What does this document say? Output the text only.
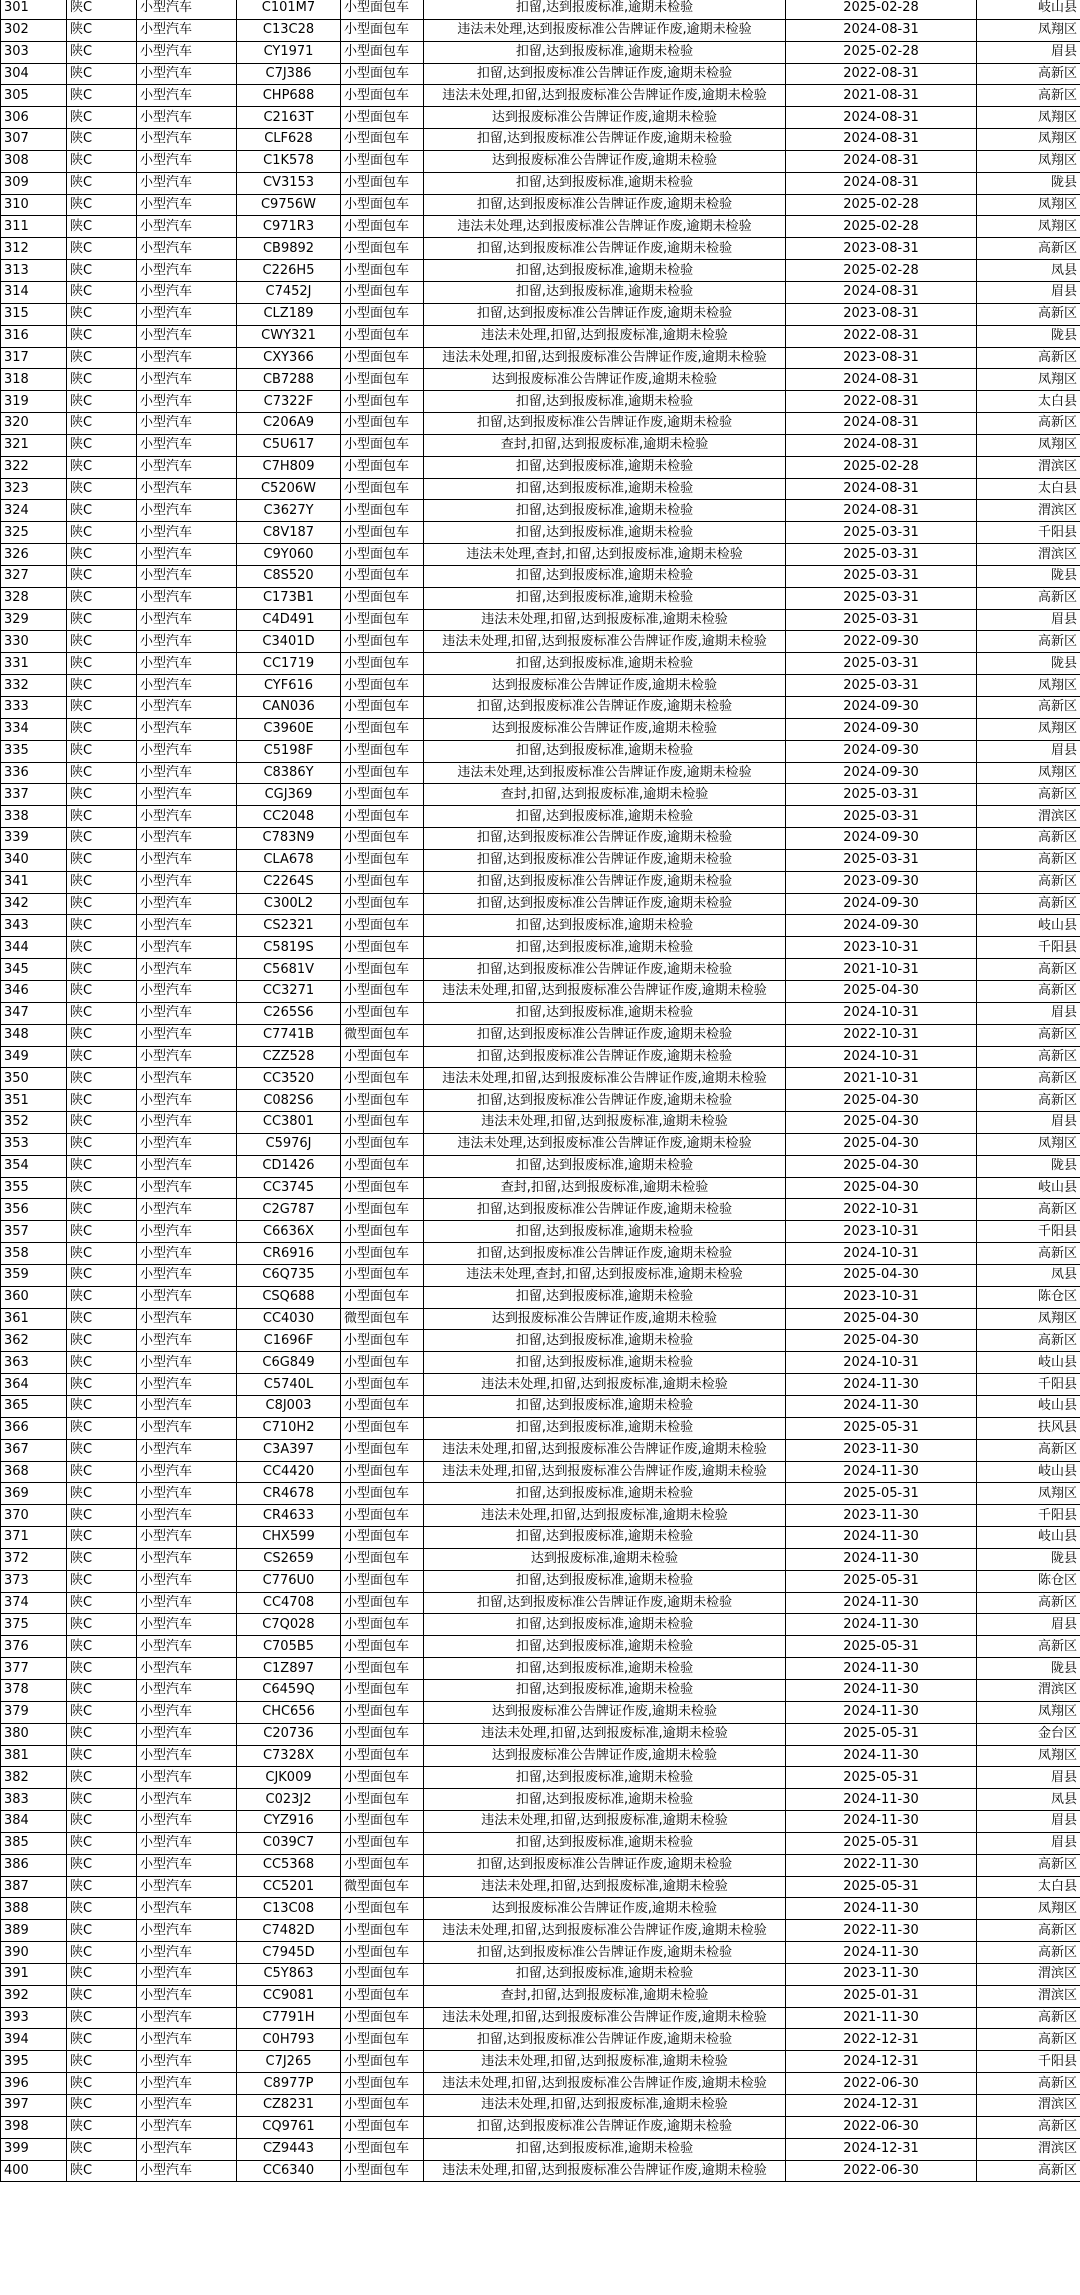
301	陕C	小型汽车	C101M7	小型面包车	扣留,达到报废标准,逾期未检验	2025-02-28	岐山县
302	陕C	小型汽车	C13C28	小型面包车	违法未处理,达到报废标准公告牌证作废,逾期未检验	2024-08-31	凤翔区
303	陕C	小型汽车	CY1971	小型面包车	扣留,达到报废标准,逾期未检验	2025-02-28	眉县
304	陕C	小型汽车	C7J386	小型面包车	扣留,达到报废标准公告牌证作废,逾期未检验	2022-08-31	高新区
305	陕C	小型汽车	CHP688	小型面包车	违法未处理,扣留,达到报废标准公告牌证作废,逾期未检验	2021-08-31	高新区
306	陕C	小型汽车	C2163T	小型面包车	达到报废标准公告牌证作废,逾期未检验	2024-08-31	凤翔区
307	陕C	小型汽车	CLF628	小型面包车	扣留,达到报废标准公告牌证作废,逾期未检验	2024-08-31	凤翔区
308	陕C	小型汽车	C1K578	小型面包车	达到报废标准公告牌证作废,逾期未检验	2024-08-31	凤翔区
309	陕C	小型汽车	CV3153	小型面包车	扣留,达到报废标准,逾期未检验	2024-08-31	陇县
310	陕C	小型汽车	C9756W	小型面包车	扣留,达到报废标准公告牌证作废,逾期未检验	2025-02-28	凤翔区
311	陕C	小型汽车	C971R3	小型面包车	违法未处理,达到报废标准公告牌证作废,逾期未检验	2025-02-28	凤翔区
312	陕C	小型汽车	CB9892	小型面包车	扣留,达到报废标准公告牌证作废,逾期未检验	2023-08-31	高新区
313	陕C	小型汽车	C226H5	小型面包车	扣留,达到报废标准,逾期未检验	2025-02-28	凤县
314	陕C	小型汽车	C7452J	小型面包车	扣留,达到报废标准,逾期未检验	2024-08-31	眉县
315	陕C	小型汽车	CLZ189	小型面包车	扣留,达到报废标准公告牌证作废,逾期未检验	2023-08-31	高新区
316	陕C	小型汽车	CWY321	小型面包车	违法未处理,扣留,达到报废标准,逾期未检验	2022-08-31	陇县
317	陕C	小型汽车	CXY366	小型面包车	违法未处理,扣留,达到报废标准公告牌证作废,逾期未检验	2023-08-31	高新区
318	陕C	小型汽车	CB7288	小型面包车	达到报废标准公告牌证作废,逾期未检验	2024-08-31	凤翔区
319	陕C	小型汽车	C7322F	小型面包车	扣留,达到报废标准,逾期未检验	2022-08-31	太白县
320	陕C	小型汽车	C206A9	小型面包车	扣留,达到报废标准公告牌证作废,逾期未检验	2024-08-31	高新区
321	陕C	小型汽车	C5U617	小型面包车	查封,扣留,达到报废标准,逾期未检验	2024-08-31	凤翔区
322	陕C	小型汽车	C7H809	小型面包车	扣留,达到报废标准,逾期未检验	2025-02-28	渭滨区
323	陕C	小型汽车	C5206W	小型面包车	扣留,达到报废标准,逾期未检验	2024-08-31	太白县
324	陕C	小型汽车	C3627Y	小型面包车	扣留,达到报废标准,逾期未检验	2024-08-31	渭滨区
325	陕C	小型汽车	C8V187	小型面包车	扣留,达到报废标准,逾期未检验	2025-03-31	千阳县
326	陕C	小型汽车	C9Y060	小型面包车	违法未处理,查封,扣留,达到报废标准,逾期未检验	2025-03-31	渭滨区
327	陕C	小型汽车	C8S520	小型面包车	扣留,达到报废标准,逾期未检验	2025-03-31	陇县
328	陕C	小型汽车	C173B1	小型面包车	扣留,达到报废标准,逾期未检验	2025-03-31	高新区
329	陕C	小型汽车	C4D491	小型面包车	违法未处理,扣留,达到报废标准,逾期未检验	2025-03-31	眉县
330	陕C	小型汽车	C3401D	小型面包车	违法未处理,扣留,达到报废标准公告牌证作废,逾期未检验	2022-09-30	高新区
331	陕C	小型汽车	CC1719	小型面包车	扣留,达到报废标准,逾期未检验	2025-03-31	陇县
332	陕C	小型汽车	CYF616	小型面包车	达到报废标准公告牌证作废,逾期未检验	2025-03-31	凤翔区
333	陕C	小型汽车	CAN036	小型面包车	扣留,达到报废标准公告牌证作废,逾期未检验	2024-09-30	高新区
334	陕C	小型汽车	C3960E	小型面包车	达到报废标准公告牌证作废,逾期未检验	2024-09-30	凤翔区
335	陕C	小型汽车	C5198F	小型面包车	扣留,达到报废标准,逾期未检验	2024-09-30	眉县
336	陕C	小型汽车	C8386Y	小型面包车	违法未处理,达到报废标准公告牌证作废,逾期未检验	2024-09-30	凤翔区
337	陕C	小型汽车	CGJ369	小型面包车	查封,扣留,达到报废标准,逾期未检验	2025-03-31	高新区
338	陕C	小型汽车	CC2048	小型面包车	扣留,达到报废标准,逾期未检验	2025-03-31	渭滨区
339	陕C	小型汽车	C783N9	小型面包车	扣留,达到报废标准公告牌证作废,逾期未检验	2024-09-30	高新区
340	陕C	小型汽车	CLA678	小型面包车	扣留,达到报废标准公告牌证作废,逾期未检验	2025-03-31	高新区
341	陕C	小型汽车	C2264S	小型面包车	扣留,达到报废标准公告牌证作废,逾期未检验	2023-09-30	高新区
342	陕C	小型汽车	C300L2	小型面包车	扣留,达到报废标准公告牌证作废,逾期未检验	2024-09-30	高新区
343	陕C	小型汽车	CS2321	小型面包车	扣留,达到报废标准,逾期未检验	2024-09-30	岐山县
344	陕C	小型汽车	C5819S	小型面包车	扣留,达到报废标准,逾期未检验	2023-10-31	千阳县
345	陕C	小型汽车	C5681V	小型面包车	扣留,达到报废标准公告牌证作废,逾期未检验	2021-10-31	高新区
346	陕C	小型汽车	CC3271	小型面包车	违法未处理,扣留,达到报废标准公告牌证作废,逾期未检验	2025-04-30	高新区
347	陕C	小型汽车	C265S6	小型面包车	扣留,达到报废标准,逾期未检验	2024-10-31	眉县
348	陕C	小型汽车	C7741B	微型面包车	扣留,达到报废标准公告牌证作废,逾期未检验	2022-10-31	高新区
349	陕C	小型汽车	CZZ528	小型面包车	扣留,达到报废标准公告牌证作废,逾期未检验	2024-10-31	高新区
350	陕C	小型汽车	CC3520	小型面包车	违法未处理,扣留,达到报废标准公告牌证作废,逾期未检验	2021-10-31	高新区
351	陕C	小型汽车	C082S6	小型面包车	扣留,达到报废标准公告牌证作废,逾期未检验	2025-04-30	高新区
352	陕C	小型汽车	CC3801	小型面包车	违法未处理,扣留,达到报废标准,逾期未检验	2025-04-30	眉县
353	陕C	小型汽车	C5976J	小型面包车	违法未处理,达到报废标准公告牌证作废,逾期未检验	2025-04-30	凤翔区
354	陕C	小型汽车	CD1426	小型面包车	扣留,达到报废标准,逾期未检验	2025-04-30	陇县
355	陕C	小型汽车	CC3745	小型面包车	查封,扣留,达到报废标准,逾期未检验	2025-04-30	岐山县
356	陕C	小型汽车	C2G787	小型面包车	扣留,达到报废标准公告牌证作废,逾期未检验	2022-10-31	高新区
357	陕C	小型汽车	C6636X	小型面包车	扣留,达到报废标准,逾期未检验	2023-10-31	千阳县
358	陕C	小型汽车	CR6916	小型面包车	扣留,达到报废标准公告牌证作废,逾期未检验	2024-10-31	高新区
359	陕C	小型汽车	C6Q735	小型面包车	违法未处理,查封,扣留,达到报废标准,逾期未检验	2025-04-30	凤县
360	陕C	小型汽车	CSQ688	小型面包车	扣留,达到报废标准,逾期未检验	2023-10-31	陈仓区
361	陕C	小型汽车	CC4030	微型面包车	达到报废标准公告牌证作废,逾期未检验	2025-04-30	凤翔区
362	陕C	小型汽车	C1696F	小型面包车	扣留,达到报废标准,逾期未检验	2025-04-30	高新区
363	陕C	小型汽车	C6G849	小型面包车	扣留,达到报废标准,逾期未检验	2024-10-31	岐山县
364	陕C	小型汽车	C5740L	小型面包车	违法未处理,扣留,达到报废标准,逾期未检验	2024-11-30	千阳县
365	陕C	小型汽车	C8J003	小型面包车	扣留,达到报废标准,逾期未检验	2024-11-30	岐山县
366	陕C	小型汽车	C710H2	小型面包车	扣留,达到报废标准,逾期未检验	2025-05-31	扶风县
367	陕C	小型汽车	C3A397	小型面包车	违法未处理,扣留,达到报废标准公告牌证作废,逾期未检验	2023-11-30	高新区
368	陕C	小型汽车	CC4420	小型面包车	违法未处理,扣留,达到报废标准公告牌证作废,逾期未检验	2024-11-30	岐山县
369	陕C	小型汽车	CR4678	小型面包车	扣留,达到报废标准,逾期未检验	2025-05-31	凤翔区
370	陕C	小型汽车	CR4633	小型面包车	违法未处理,扣留,达到报废标准,逾期未检验	2023-11-30	千阳县
371	陕C	小型汽车	CHX599	小型面包车	扣留,达到报废标准,逾期未检验	2024-11-30	岐山县
372	陕C	小型汽车	CS2659	小型面包车	达到报废标准,逾期未检验	2024-11-30	陇县
373	陕C	小型汽车	C776U0	小型面包车	扣留,达到报废标准,逾期未检验	2025-05-31	陈仓区
374	陕C	小型汽车	CC4708	小型面包车	扣留,达到报废标准公告牌证作废,逾期未检验	2024-11-30	高新区
375	陕C	小型汽车	C7Q028	小型面包车	扣留,达到报废标准,逾期未检验	2024-11-30	眉县
376	陕C	小型汽车	C705B5	小型面包车	扣留,达到报废标准,逾期未检验	2025-05-31	高新区
377	陕C	小型汽车	C1Z897	小型面包车	扣留,达到报废标准,逾期未检验	2024-11-30	陇县
378	陕C	小型汽车	C6459Q	小型面包车	扣留,达到报废标准,逾期未检验	2024-11-30	渭滨区
379	陕C	小型汽车	CHC656	小型面包车	达到报废标准公告牌证作废,逾期未检验	2024-11-30	凤翔区
380	陕C	小型汽车	C20736	小型面包车	违法未处理,扣留,达到报废标准,逾期未检验	2025-05-31	金台区
381	陕C	小型汽车	C7328X	小型面包车	达到报废标准公告牌证作废,逾期未检验	2024-11-30	凤翔区
382	陕C	小型汽车	CJK009	小型面包车	扣留,达到报废标准,逾期未检验	2025-05-31	眉县
383	陕C	小型汽车	C023J2	小型面包车	扣留,达到报废标准,逾期未检验	2024-11-30	凤县
384	陕C	小型汽车	CYZ916	小型面包车	违法未处理,扣留,达到报废标准,逾期未检验	2024-11-30	眉县
385	陕C	小型汽车	C039C7	小型面包车	扣留,达到报废标准,逾期未检验	2025-05-31	眉县
386	陕C	小型汽车	CC5368	小型面包车	扣留,达到报废标准公告牌证作废,逾期未检验	2022-11-30	高新区
387	陕C	小型汽车	CC5201	微型面包车	违法未处理,扣留,达到报废标准,逾期未检验	2025-05-31	太白县
388	陕C	小型汽车	C13C08	小型面包车	达到报废标准公告牌证作废,逾期未检验	2024-11-30	凤翔区
389	陕C	小型汽车	C7482D	小型面包车	违法未处理,扣留,达到报废标准公告牌证作废,逾期未检验	2022-11-30	高新区
390	陕C	小型汽车	C7945D	小型面包车	扣留,达到报废标准公告牌证作废,逾期未检验	2024-11-30	高新区
391	陕C	小型汽车	C5Y863	小型面包车	扣留,达到报废标准,逾期未检验	2023-11-30	渭滨区
392	陕C	小型汽车	CC9081	小型面包车	查封,扣留,达到报废标准,逾期未检验	2025-01-31	渭滨区
393	陕C	小型汽车	C7791H	小型面包车	违法未处理,扣留,达到报废标准公告牌证作废,逾期未检验	2021-11-30	高新区
394	陕C	小型汽车	C0H793	小型面包车	扣留,达到报废标准公告牌证作废,逾期未检验	2022-12-31	高新区
395	陕C	小型汽车	C7J265	小型面包车	违法未处理,扣留,达到报废标准,逾期未检验	2024-12-31	千阳县
396	陕C	小型汽车	C8977P	小型面包车	违法未处理,扣留,达到报废标准公告牌证作废,逾期未检验	2022-06-30	高新区
397	陕C	小型汽车	CZ8231	小型面包车	违法未处理,扣留,达到报废标准,逾期未检验	2024-12-31	渭滨区
398	陕C	小型汽车	CQ9761	小型面包车	扣留,达到报废标准公告牌证作废,逾期未检验	2022-06-30	高新区
399	陕C	小型汽车	CZ9443	小型面包车	扣留,达到报废标准,逾期未检验	2024-12-31	渭滨区
400	陕C	小型汽车	CC6340	小型面包车	违法未处理,扣留,达到报废标准公告牌证作废,逾期未检验	2022-06-30	高新区
